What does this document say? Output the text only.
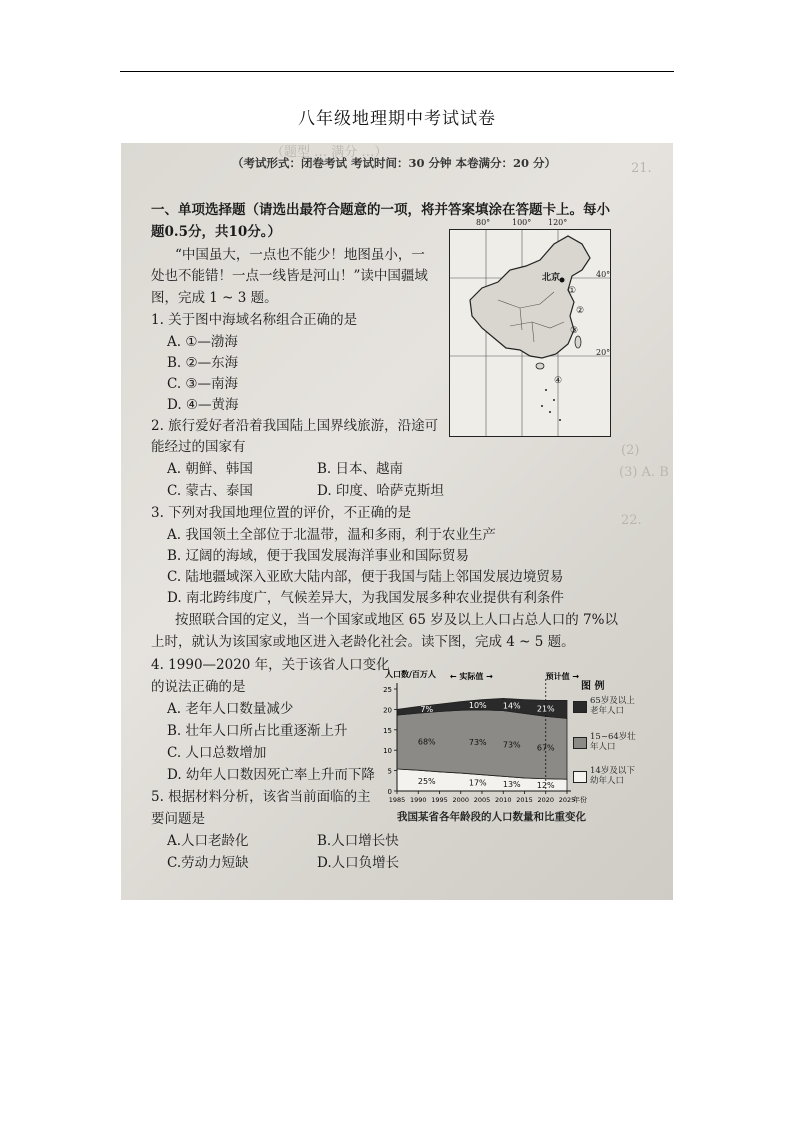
八年级地理期中考试试卷
（题型 … 满分 …）
21.
(2)
(3) A. B
22.
（考试形式：闭卷考试 考试时间：30 分钟 本卷满分：20 分）
一、单项选择题（请选出最符合题意的一项，将并答案填涂在答题卡上。每小
题0.5分，共10分。）
“中国虽大，一点也不能少！地图虽小，一
处也不能错！一点一线皆是河山！”读中国疆域
图，完成 1 ~ 3 题。
1. 关于图中海域名称组合正确的是
A. ①—渤海
B. ②—东海
C. ③—南海
D. ④—黄海
80°	100° 120°
40°
20°
北京
①
②
③
④
2. 旅行爱好者沿着我国陆上国界线旅游，沿途可
能经过的国家有
A. 朝鲜、韩国	B. 日本、越南
C. 蒙古、泰国	D. 印度、哈萨克斯坦
3. 下列对我国地理位置的评价，不正确的是
A. 我国领土全部位于北温带，温和多雨，利于农业生产
B. 辽阔的海域，便于我国发展海洋事业和国际贸易
C. 陆地疆域深入亚欧大陆内部，便于我国与陆上邻国发展边境贸易
D. 南北跨纬度广，气候差异大，为我国发展多种农业提供有利条件
按照联合国的定义，当一个国家或地区 65 岁及以上人口占总人口的 7%以
上时，就认为该国家或地区进入老龄化社会。读下图，完成 4 ~ 5 题。
4. 1990—2020 年，关于该省人口变化
的说法正确的是
A. 老年人口数量减少
B. 壮年人口所占比重逐渐上升
C. 人口总数增加
D. 幼年人口数因死亡率上升而下降
5. 根据材料分析，该省当前面临的主
要问题是
A.人口老龄化	B.人口增长快
C.劳动力短缺	D.人口负增长
0
5
10
15
20
25
1985 1990 1995 2000 2005 2010 2015 2020 2025
年份
人口数/百万人 ← 实际值 →	预计值 →
7%	10% 14% 21%
68%	73% 73% 67%
25%	17% 13% 12%
我国某省各年龄段的人口数量和比重变化
图 例
65岁及以上老年人口
15~64岁壮年人口
14岁及以下幼年人口
